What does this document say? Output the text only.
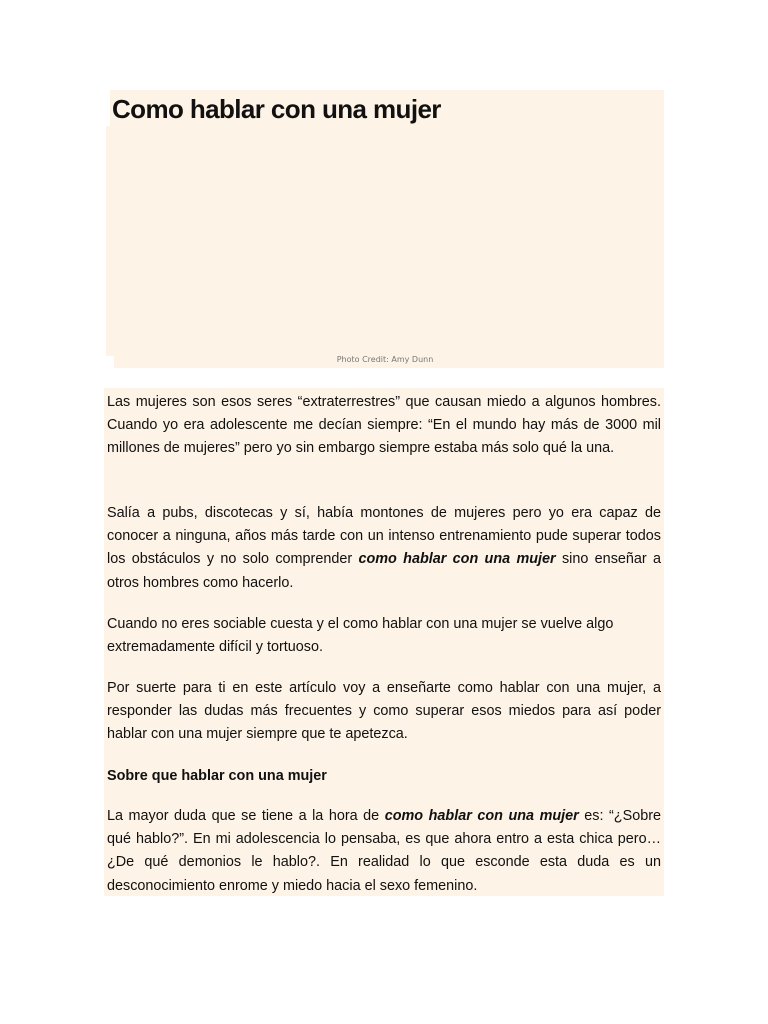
Como hablar con una mujer
Photo Credit: Amy Dunn

Las mujeres son esos seres “extraterrestres” que causan miedo a algunos hombres. Cuando yo era adolescente me decían siempre: “En el mundo hay más de 3000 mil millones de mujeres” pero yo sin embargo siempre estaba más solo qué la una.

Salía a pubs, discotecas y sí, había montones de mujeres pero yo era capaz de conocer a ninguna, años más tarde con un intenso entrenamiento pude superar todos los obstáculos y no solo comprender como hablar con una mujer sino enseñar a otros hombres como hacerlo.

Cuando no eres sociable cuesta y el como hablar con una mujer se vuelve algo extremadamente difícil y tortuoso.

Por suerte para ti en este artículo voy a enseñarte como hablar con una mujer, a responder las dudas más frecuentes y como superar esos miedos para así poder hablar con una mujer siempre que te apetezca.

Sobre que hablar con una mujer

La mayor duda que se tiene a la hora de como hablar con una mujer es: “¿Sobre qué hablo?”. En mi adolescencia lo pensaba, es que ahora entro a esta chica pero… ¿De qué demonios le hablo?. En realidad lo que esconde esta duda es un desconocimiento enrome y miedo hacia el sexo femenino.
